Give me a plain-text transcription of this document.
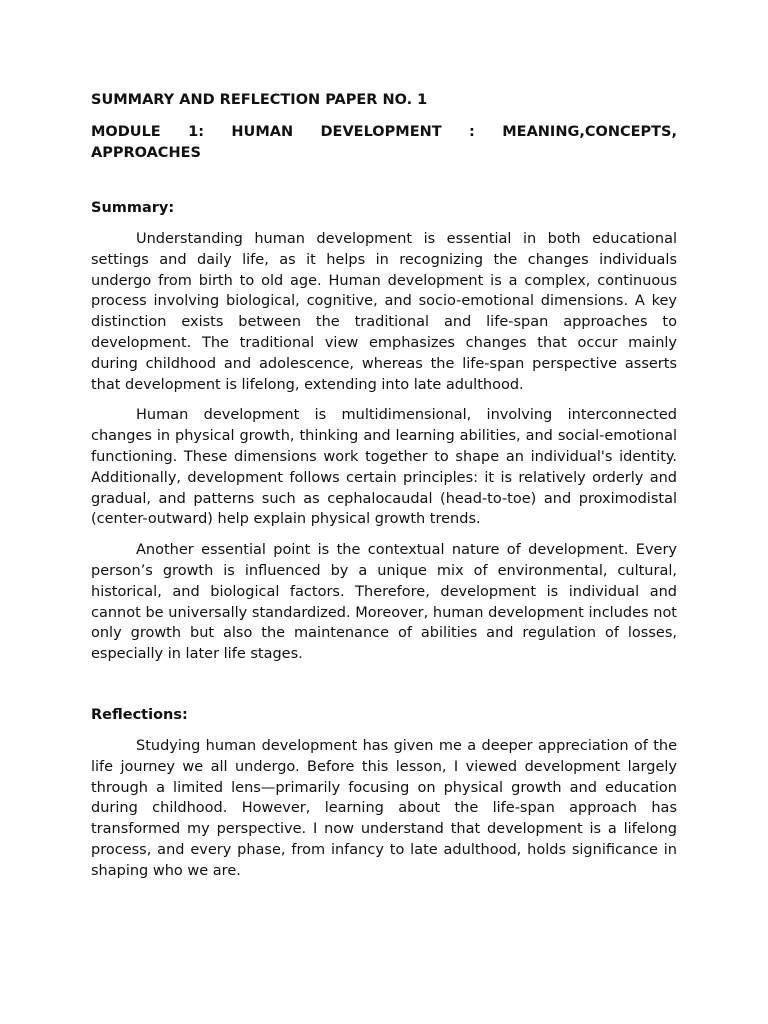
SUMMARY AND REFLECTION PAPER NO. 1

MODULE 1: HUMAN DEVELOPMENT : MEANING,CONCEPTS, APPROACHES

Summary:

Understanding human development is essential in both educational settings and daily life, as it helps in recognizing the changes individuals undergo from birth to old age. Human development is a complex, continuous process involving biological, cognitive, and socio-emotional dimensions. A key distinction exists between the traditional and life-span approaches to development. The traditional view emphasizes changes that occur mainly during childhood and adolescence, whereas the life-span perspective asserts that development is lifelong, extending into late adulthood.

Human development is multidimensional, involving interconnected changes in physical growth, thinking and learning abilities, and social-emotional functioning. These dimensions work together to shape an individual's identity. Additionally, development follows certain principles: it is relatively orderly and gradual, and patterns such as cephalocaudal (head-to-toe) and proximodistal (center-outward) help explain physical growth trends.

Another essential point is the contextual nature of development. Every person’s growth is influenced by a unique mix of environmental, cultural, historical, and biological factors. Therefore, development is individual and cannot be universally standardized. Moreover, human development includes not only growth but also the maintenance of abilities and regulation of losses, especially in later life stages.

Reflections:

Studying human development has given me a deeper appreciation of the life journey we all undergo. Before this lesson, I viewed development largely through a limited lens—primarily focusing on physical growth and education during childhood. However, learning about the life-span approach has transformed my perspective. I now understand that development is a lifelong process, and every phase, from infancy to late adulthood, holds significance in shaping who we are.
